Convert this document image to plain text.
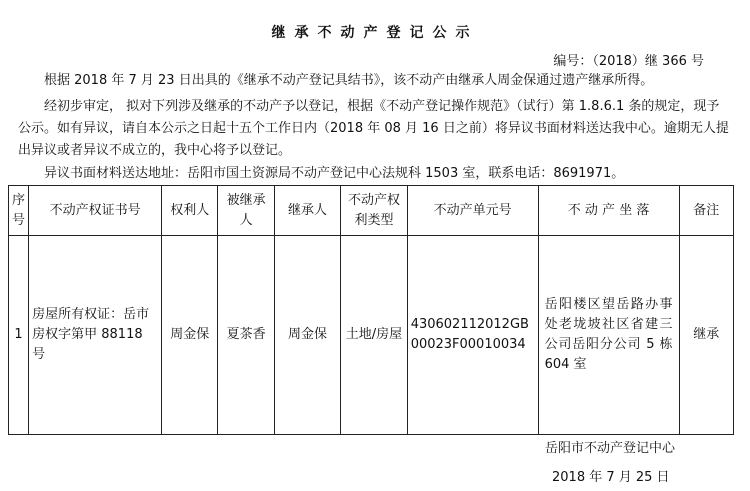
继承不动产登记公示
编号：（2018）继 366 号

根据 2018 年 7 月 23 日出具的《继承不动产登记具结书》，该不动产由继承人周金保通过遗产继承所得。

经初步审定， 拟对下列涉及继承的不动产予以登记，根据《不动产登记操作规范》（试行）第 1.8.6.1 条的规定，现予公示。如有异议，请自本公示之日起十五个工作日内（2018 年 08 月 16 日之前）将异议书面材料送达我中心。逾期无人提出异议或者异议不成立的，我中心将予以登记。

异议书面材料送达地址：岳阳市国土资源局不动产登记中心法规科 1503 室，联系电话：8691971。

序号	不动产权证书号	权利人	被继承人	继承人	不动产权利类型	不动产单元号	不 动 产 坐 落	备注
1	房屋所有权证：岳市房权字第甲 88118 号	周金保	夏茶香	周金保	土地/房屋	430602112012GB00023F00010034	岳阳楼区望岳路办事处老垅坡社区省建三公司岳阳分公司 5 栋 604 室	继承
岳阳市不动产登记中心
2018 年 7 月 25 日
